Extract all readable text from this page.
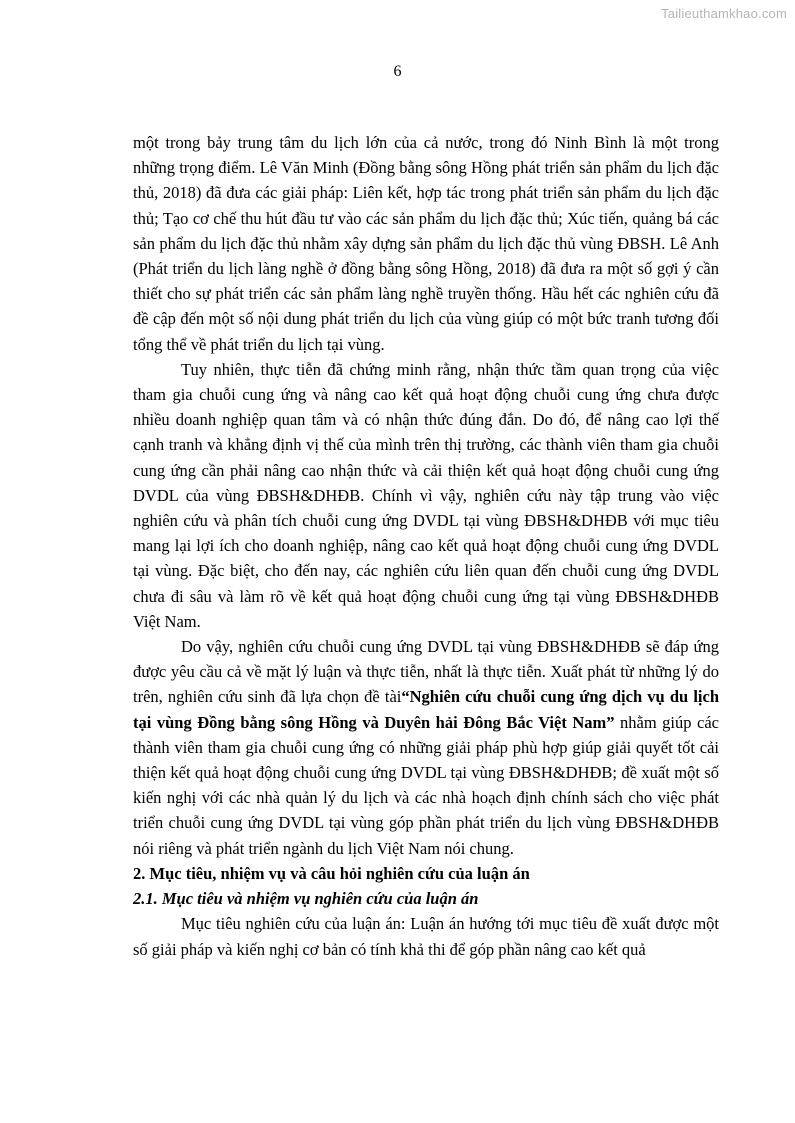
Tailieuthamkhao.com
6

một trong bảy trung tâm du lịch lớn của cả nước, trong đó Ninh Bình là một trong những trọng điểm. Lê Văn Minh (Đồng bằng sông Hồng phát triển sản phẩm du lịch đặc thủ, 2018) đã đưa các giải pháp: Liên kết, hợp tác trong phát triển sản phẩm du lịch đặc thủ; Tạo cơ chế thu hút đầu tư vào các sản phẩm du lịch đặc thủ; Xúc tiến, quảng bá các sản phẩm du lịch đặc thủ nhằm xây dựng sản phẩm du lịch đặc thủ vùng ĐBSH. Lê Anh (Phát triển du lịch làng nghề ở đồng bằng sông Hồng, 2018) đã đưa ra một số gợi ý cần thiết cho sự phát triển các sản phẩm làng nghề truyền thống. Hầu hết các nghiên cứu đã đề cập đến một số nội dung phát triển du lịch của vùng giúp có một bức tranh tương đối tổng thể về phát triển du lịch tại vùng.

Tuy nhiên, thực tiễn đã chứng minh rằng, nhận thức tầm quan trọng của việc tham gia chuỗi cung ứng và nâng cao kết quả hoạt động chuỗi cung ứng chưa được nhiều doanh nghiệp quan tâm và có nhận thức đúng đắn. Do đó, để nâng cao lợi thế cạnh tranh và khẳng định vị thế của mình trên thị trường, các thành viên tham gia chuỗi cung ứng cần phải nâng cao nhận thức và cải thiện kết quả hoạt động chuỗi cung ứng DVDL của vùng ĐBSH&DHĐB. Chính vì vậy, nghiên cứu này tập trung vào việc nghiên cứu và phân tích chuỗi cung ứng DVDL tại vùng ĐBSH&DHĐB với mục tiêu mang lại lợi ích cho doanh nghiệp, nâng cao kết quả hoạt động chuỗi cung ứng DVDL tại vùng. Đặc biệt, cho đến nay, các nghiên cứu liên quan đến chuỗi cung ứng DVDL chưa đi sâu và làm rõ về kết quả hoạt động chuỗi cung ứng tại vùng ĐBSH&DHĐB Việt Nam.

Do vậy, nghiên cứu chuỗi cung ứng DVDL tại vùng ĐBSH&DHĐB sẽ đáp ứng được yêu cầu cả về mặt lý luận và thực tiễn, nhất là thực tiễn. Xuất phát từ những lý do trên, nghiên cứu sinh đã lựa chọn đề tài“Nghiên cứu chuỗi cung ứng dịch vụ du lịch tại vùng Đồng bằng sông Hồng và Duyên hải Đông Bắc Việt Nam” nhằm giúp các thành viên tham gia chuỗi cung ứng có những giải pháp phù hợp giúp giải quyết tốt cải thiện kết quả hoạt động chuỗi cung ứng DVDL tại vùng ĐBSH&DHĐB; đề xuất một số kiến nghị với các nhà quản lý du lịch và các nhà hoạch định chính sách cho việc phát triển chuỗi cung ứng DVDL tại vùng góp phần phát triển du lịch vùng ĐBSH&DHĐB nói riêng và phát triển ngành du lịch Việt Nam nói chung.

2. Mục tiêu, nhiệm vụ và câu hỏi nghiên cứu của luận án

2.1. Mục tiêu và nhiệm vụ nghiên cứu của luận án

Mục tiêu nghiên cứu của luận án: Luận án hướng tới mục tiêu đề xuất được một số giải pháp và kiến nghị cơ bản có tính khả thi để góp phần nâng cao kết quả
